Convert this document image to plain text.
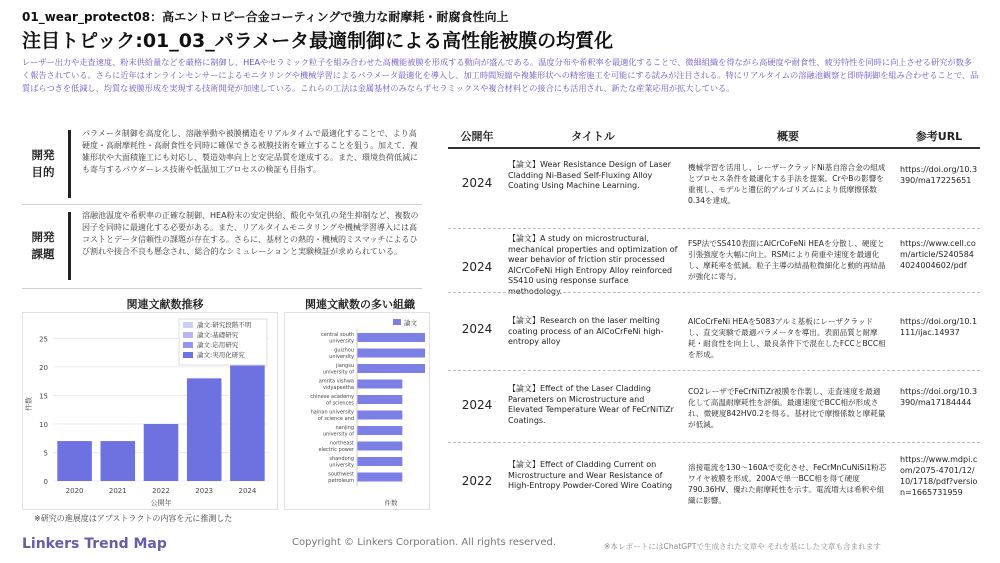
01_wear_protect08：高エントロピー合金コーティングで強力な耐摩耗・耐腐食性向上
注目トピック:01_03_パラメータ最適制御による高性能被膜の均質化
レーザー出力や走査速度、粉末供給量などを厳格に制御し、HEAやセラミック粒子を組み合わせた高機能被膜を形成する動向が盛んである。温度分布や希釈率を最適化することで、微細組織を得ながら高硬度や耐食性、疲労特性を同時に向上させる研究が数多く報告されている。さらに近年はオンラインセンサーによるモニタリングや機械学習によるパラメータ最適化を導入し、加工時間短縮や複雑形状への精密施工を可能にする試みが注目される。特にリアルタイムの溶融池観察と即時制御を組み合わせることで、品質ばらつきを低減し、均質な被膜形成を実現する技術開発が加速している。これらの工法は金属基材のみならずセラミックスや複合材料との接合にも活用され、新たな産業応用が拡大している。
開発
目的
パラメータ制御を高度化し、溶融挙動や被膜構造をリアルタイムで最適化することで、より高硬度・高耐摩耗性・高耐食性を同時に確保できる被膜技術を確立することを狙う。加えて、複雑形状や大面積施工にも対応し、製造効率向上と安定品質を達成する。また、環境負荷低減にも寄与するパウダーレス技術や低温加工プロセスの検証も目指す。
開発
課題
溶融池温度や希釈率の正確な制御、HEA粉末の安定供給、酸化や気孔の発生抑制など、複数の因子を同時に最適化する必要がある。また、リアルタイムモニタリングや機械学習導入には高コストとデータ信頼性の課題が存在する。さらに、基材との熱的・機械的ミスマッチによるひび割れや接合不良も懸念され、総合的なシミュレーションと実験検証が求められている。
関連文献数推移	関連文献数の多い組織
0
5
10
15
20
25
2020	2021	2022	2023	2024
公開年
件数
論文:研究段階不明
論文:基礎研究
論文:応用研究
論文:実用化研究
論文
central south
university
guizhou
university
jiangsu
university of
amrita vishwa
vidyapeetha
chinese academy
of sciences
hainan university
of science and
nanjing
university of
northeast
electric power
shandong
university
southwest
petroleum
件数
※研究の進展度はアブストラクトの内容を元に推測した
公開年	タイトル	概要	参考URL
2024
【論文】Wear Resistance Design of Laser Cladding Ni-Based Self-Fluxing Alloy Coating Using Machine Learning.
機械学習を活用し、レーザークラッドNi基自溶合金の組成とプロセス条件を最適化する手法を提案。CrやBの影響を重視し、モデルと遺伝的アルゴリズムにより低摩擦係数0.34を達成。
https://doi.org/10.3390/ma17225651
2024
【論文】A study on microstructural, mechanical properties and optimization of wear behavior of friction stir processed AlCrCoFeNi High Entropy Alloy reinforced SS410 using response surface methodology.
FSP法でSS410表面にAlCrCoFeNi HEAを分散し、硬度と引張強度を大幅に向上。RSMにより荷重や速度を最適化し、摩耗率を低減。粒子主導の結晶粒微細化と動的再結晶が強化に寄与。
https://www.cell.com/article/S2405844024004602/pdf
2024
【論文】Research on the laser melting coating process of an AlCoCrFeNi high-entropy alloy
AlCoCrFeNi HEAを5083アルミ基板にレーザクラッドし、直交実験で最適パラメータを導出。表面品質と耐摩耗・耐食性を向上し、最良条件下で混在したFCCとBCC相を形成。
https://doi.org/10.1111/ijac.14937
2024
【論文】Effect of the Laser Cladding Parameters on Microstructure and Elevated Temperature Wear of FeCrNiTiZr Coatings.
CO2レーザでFeCrNiTiZr被膜を作製し、走査速度を最適化して高温耐摩耗性を評価。最適速度でBCC相が形成され、微硬度842HV0.2を得る。基材比で摩擦係数と摩耗量が低減。
https://doi.org/10.3390/ma17184444
2022
【論文】Effect of Cladding Current on Microstructure and Wear Resistance of High-Entropy Powder-Cored Wire Coating
溶接電流を130～160Aで変化させ、FeCrMnCuNiSi1粉芯ワイヤ被膜を形成。200Aで単一BCC相を得て硬度790.36HV、優れた耐摩耗性を示す。電流増大は希釈や組織に影響。
https://www.mdpi.com/2075-4701/12/10/1718/pdf?version=1665731959
Linkers Trend Map	Copyright © Linkers Corporation. All rights reserved.	※本レポートにはChatGPTで生成された文章や それを基にした文章も含まれます
